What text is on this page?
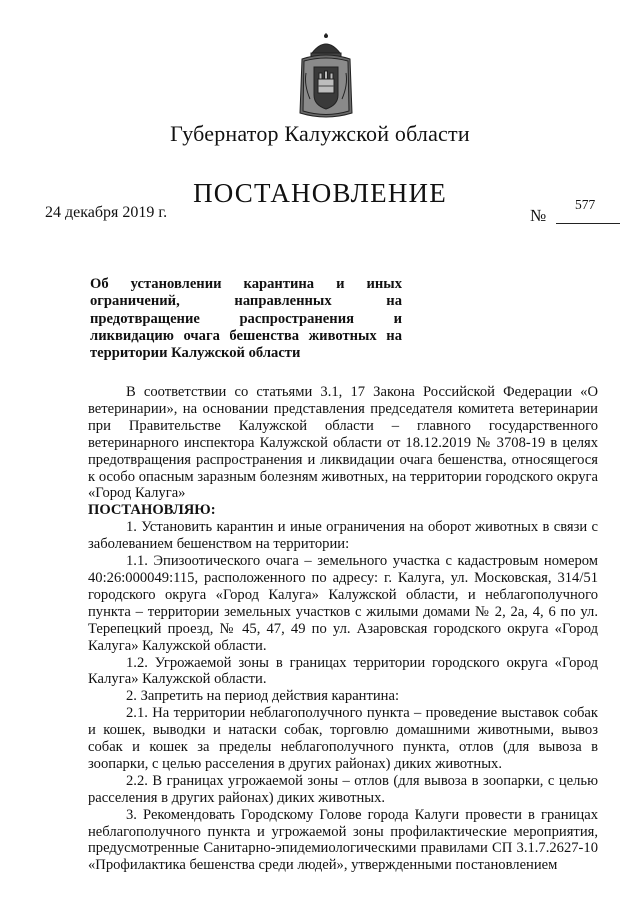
Губернатор Калужской области
ПОСТАНОВЛЕНИЕ
24 декабря 2019 г.	№
577
Об установлении карантина и иных ограничений, направленных на предотвращение распространения и ликвидацию очага бешенства животных на территории Калужской области

В соответствии со статьями 3.1, 17 Закона Российской Федерации «О ветеринарии», на основании представления председателя комитета ветеринарии при Правительстве Калужской области – главного государственного ветеринарного инспектора Калужской области от 18.12.2019 № 3708-19 в целях предотвращения распространения и ликвидации очага бешенства, относящегося к особо опасным заразным болезням животных, на территории городского округа «Город Калуга»

ПОСТАНОВЛЯЮ:

1. Установить карантин и иные ограничения на оборот животных в связи с заболеванием бешенством на территории:

1.1. Эпизоотического очага – земельного участка с кадастровым номером 40:26:000049:115, расположенного по адресу: г. Калуга, ул. Московская, 314/51 городского округа «Город Калуга» Калужской области, и неблагополучного пункта – территории земельных участков с жилыми домами № 2, 2а, 4, 6 по ул. Терепецкий проезд, № 45, 47, 49 по ул. Азаровская городского округа «Город Калуга» Калужской области.

1.2. Угрожаемой зоны в границах территории городского округа «Город Калуга» Калужской области.

2. Запретить на период действия карантина:

2.1. На территории неблагополучного пункта – проведение выставок собак и кошек, выводки и натаски собак, торговлю домашними животными, вывоз собак и кошек за пределы неблагополучного пункта, отлов (для вывоза в зоопарки, с целью расселения в других районах) диких животных.

2.2. В границах угрожаемой зоны – отлов (для вывоза в зоопарки, с целью расселения в других районах) диких животных.

3. Рекомендовать Городскому Голове города Калуги провести в границах неблагополучного пункта и угрожаемой зоны профилактические мероприятия, предусмотренные Санитарно-эпидемиологическими правилами СП 3.1.7.2627-10 «Профилактика бешенства среди людей», утвержденными постановлением
